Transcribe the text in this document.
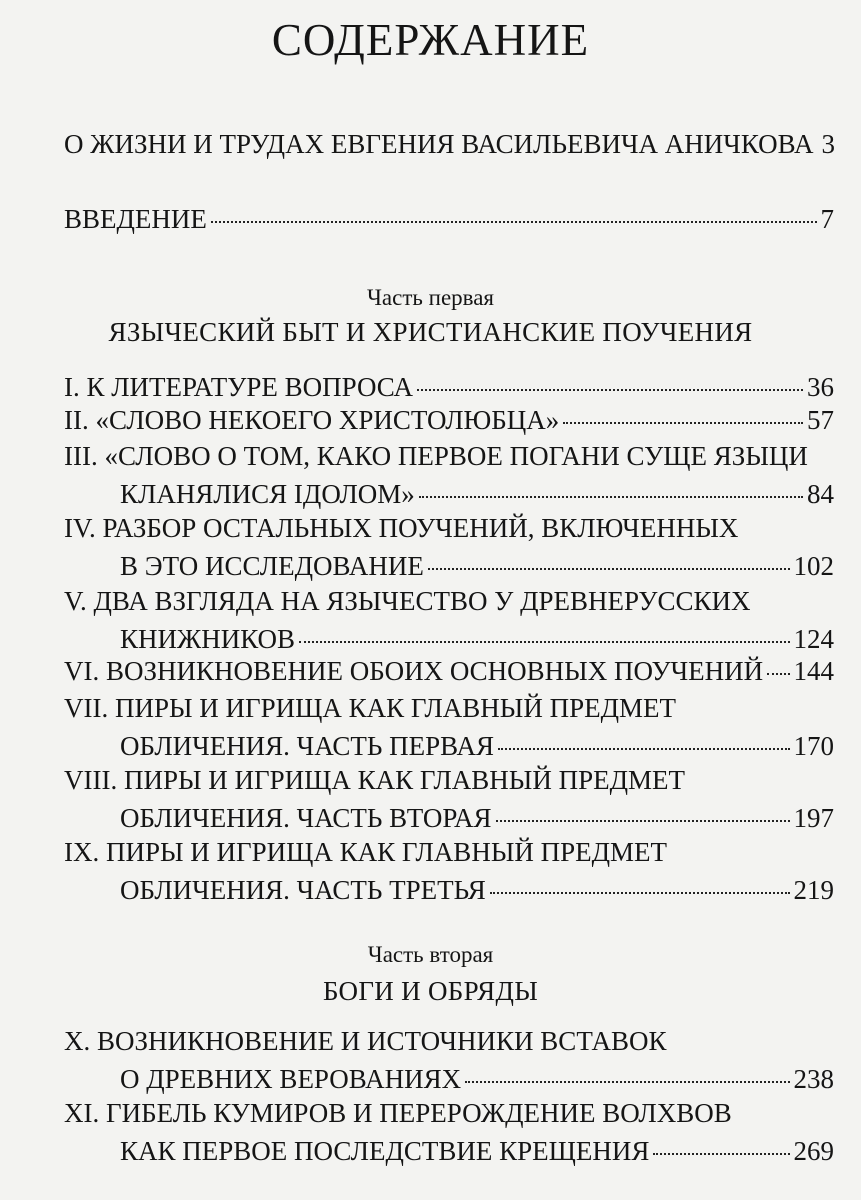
СОДЕРЖАНИЕ
О ЖИЗНИ И ТРУДАХ ЕВГЕНИЯ ВАСИЛЬЕВИЧА АНИЧКОВА 3
ВВЕДЕНИЕ	7
Часть первая
ЯЗЫЧЕСКИЙ БЫТ И ХРИСТИАНСКИЕ ПОУЧЕНИЯ
I. К ЛИТЕРАТУРЕ ВОПРОСА	36
II. «СЛОВО НЕКОЕГО ХРИСТОЛЮБЦА»	57
III. «СЛОВО О ТОМ, КАКО ПЕРВОЕ ПОГАНИ СУЩЕ ЯЗЫЦИ
КЛАНЯЛИСЯ IДОЛОМ»	84
IV. РАЗБОР ОСТАЛЬНЫХ ПОУЧЕНИЙ, ВКЛЮЧЕННЫХ
В ЭТО ИССЛЕДОВАНИЕ	102
V. ДВА ВЗГЛЯДА НА ЯЗЫЧЕСТВО У ДРЕВНЕРУССКИХ
КНИЖНИКОВ	124
VI. ВОЗНИКНОВЕНИЕ ОБОИХ ОСНОВНЫХ ПОУЧЕНИЙ 144
VII. ПИРЫ И ИГРИЩА КАК ГЛАВНЫЙ ПРЕДМЕТ
ОБЛИЧЕНИЯ. ЧАСТЬ ПЕРВАЯ	170
VIII. ПИРЫ И ИГРИЩА КАК ГЛАВНЫЙ ПРЕДМЕТ
ОБЛИЧЕНИЯ. ЧАСТЬ ВТОРАЯ	197
IX. ПИРЫ И ИГРИЩА КАК ГЛАВНЫЙ ПРЕДМЕТ
ОБЛИЧЕНИЯ. ЧАСТЬ ТРЕТЬЯ	219
Часть вторая
БОГИ И ОБРЯДЫ
X. ВОЗНИКНОВЕНИЕ И ИСТОЧНИКИ ВСТАВОК
О ДРЕВНИХ ВЕРОВАНИЯХ	238
XI. ГИБЕЛЬ КУМИРОВ И ПЕРЕРОЖДЕНИЕ ВОЛХВОВ
КАК ПЕРВОЕ ПОСЛЕДСТВИЕ КРЕЩЕНИЯ	269
